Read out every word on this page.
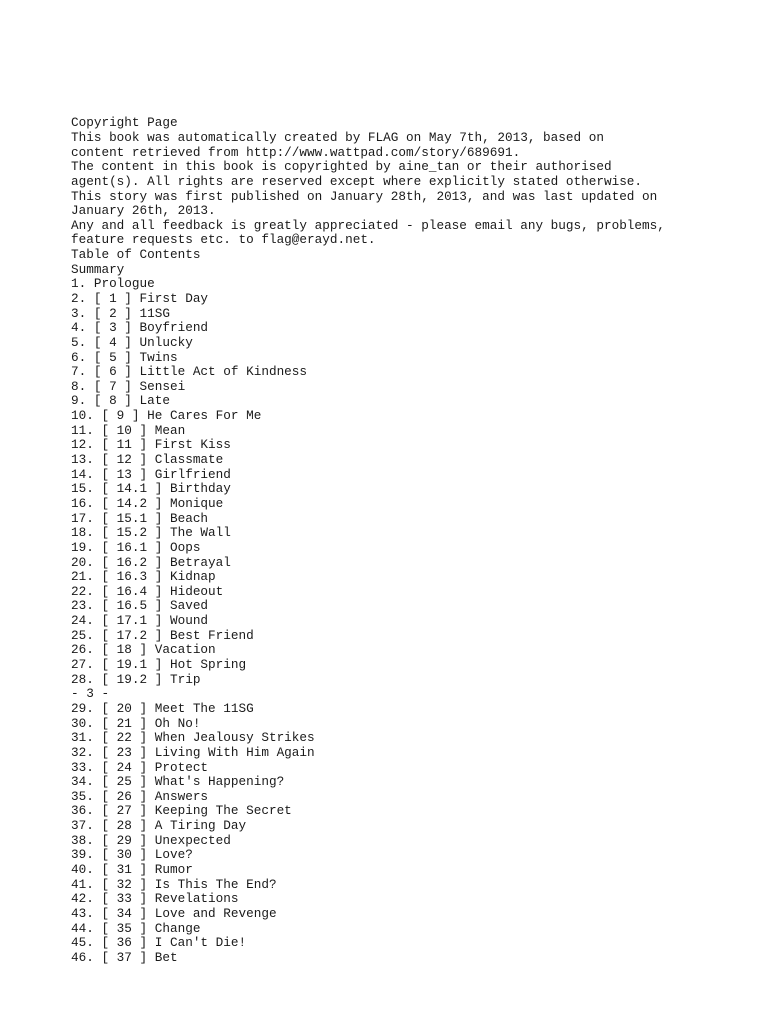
Copyright Page
This book was automatically created by FLAG on May 7th, 2013, based on
content retrieved from http://www.wattpad.com/story/689691.
The content in this book is copyrighted by aine_tan or their authorised
agent(s). All rights are reserved except where explicitly stated otherwise.
This story was first published on January 28th, 2013, and was last updated on
January 26th, 2013.
Any and all feedback is greatly appreciated - please email any bugs, problems,
feature requests etc. to flag@erayd.net.
Table of Contents
Summary
1. Prologue
2. [ 1 ] First Day
3. [ 2 ] 11SG
4. [ 3 ] Boyfriend
5. [ 4 ] Unlucky
6. [ 5 ] Twins
7. [ 6 ] Little Act of Kindness
8. [ 7 ] Sensei
9. [ 8 ] Late
10. [ 9 ] He Cares For Me
11. [ 10 ] Mean
12. [ 11 ] First Kiss
13. [ 12 ] Classmate
14. [ 13 ] Girlfriend
15. [ 14.1 ] Birthday
16. [ 14.2 ] Monique
17. [ 15.1 ] Beach
18. [ 15.2 ] The Wall
19. [ 16.1 ] Oops
20. [ 16.2 ] Betrayal
21. [ 16.3 ] Kidnap
22. [ 16.4 ] Hideout
23. [ 16.5 ] Saved
24. [ 17.1 ] Wound
25. [ 17.2 ] Best Friend
26. [ 18 ] Vacation
27. [ 19.1 ] Hot Spring
28. [ 19.2 ] Trip
- 3 -
29. [ 20 ] Meet The 11SG
30. [ 21 ] Oh No!
31. [ 22 ] When Jealousy Strikes
32. [ 23 ] Living With Him Again
33. [ 24 ] Protect
34. [ 25 ] What's Happening?
35. [ 26 ] Answers
36. [ 27 ] Keeping The Secret
37. [ 28 ] A Tiring Day
38. [ 29 ] Unexpected
39. [ 30 ] Love?
40. [ 31 ] Rumor
41. [ 32 ] Is This The End?
42. [ 33 ] Revelations
43. [ 34 ] Love and Revenge
44. [ 35 ] Change
45. [ 36 ] I Can't Die!
46. [ 37 ] Bet
